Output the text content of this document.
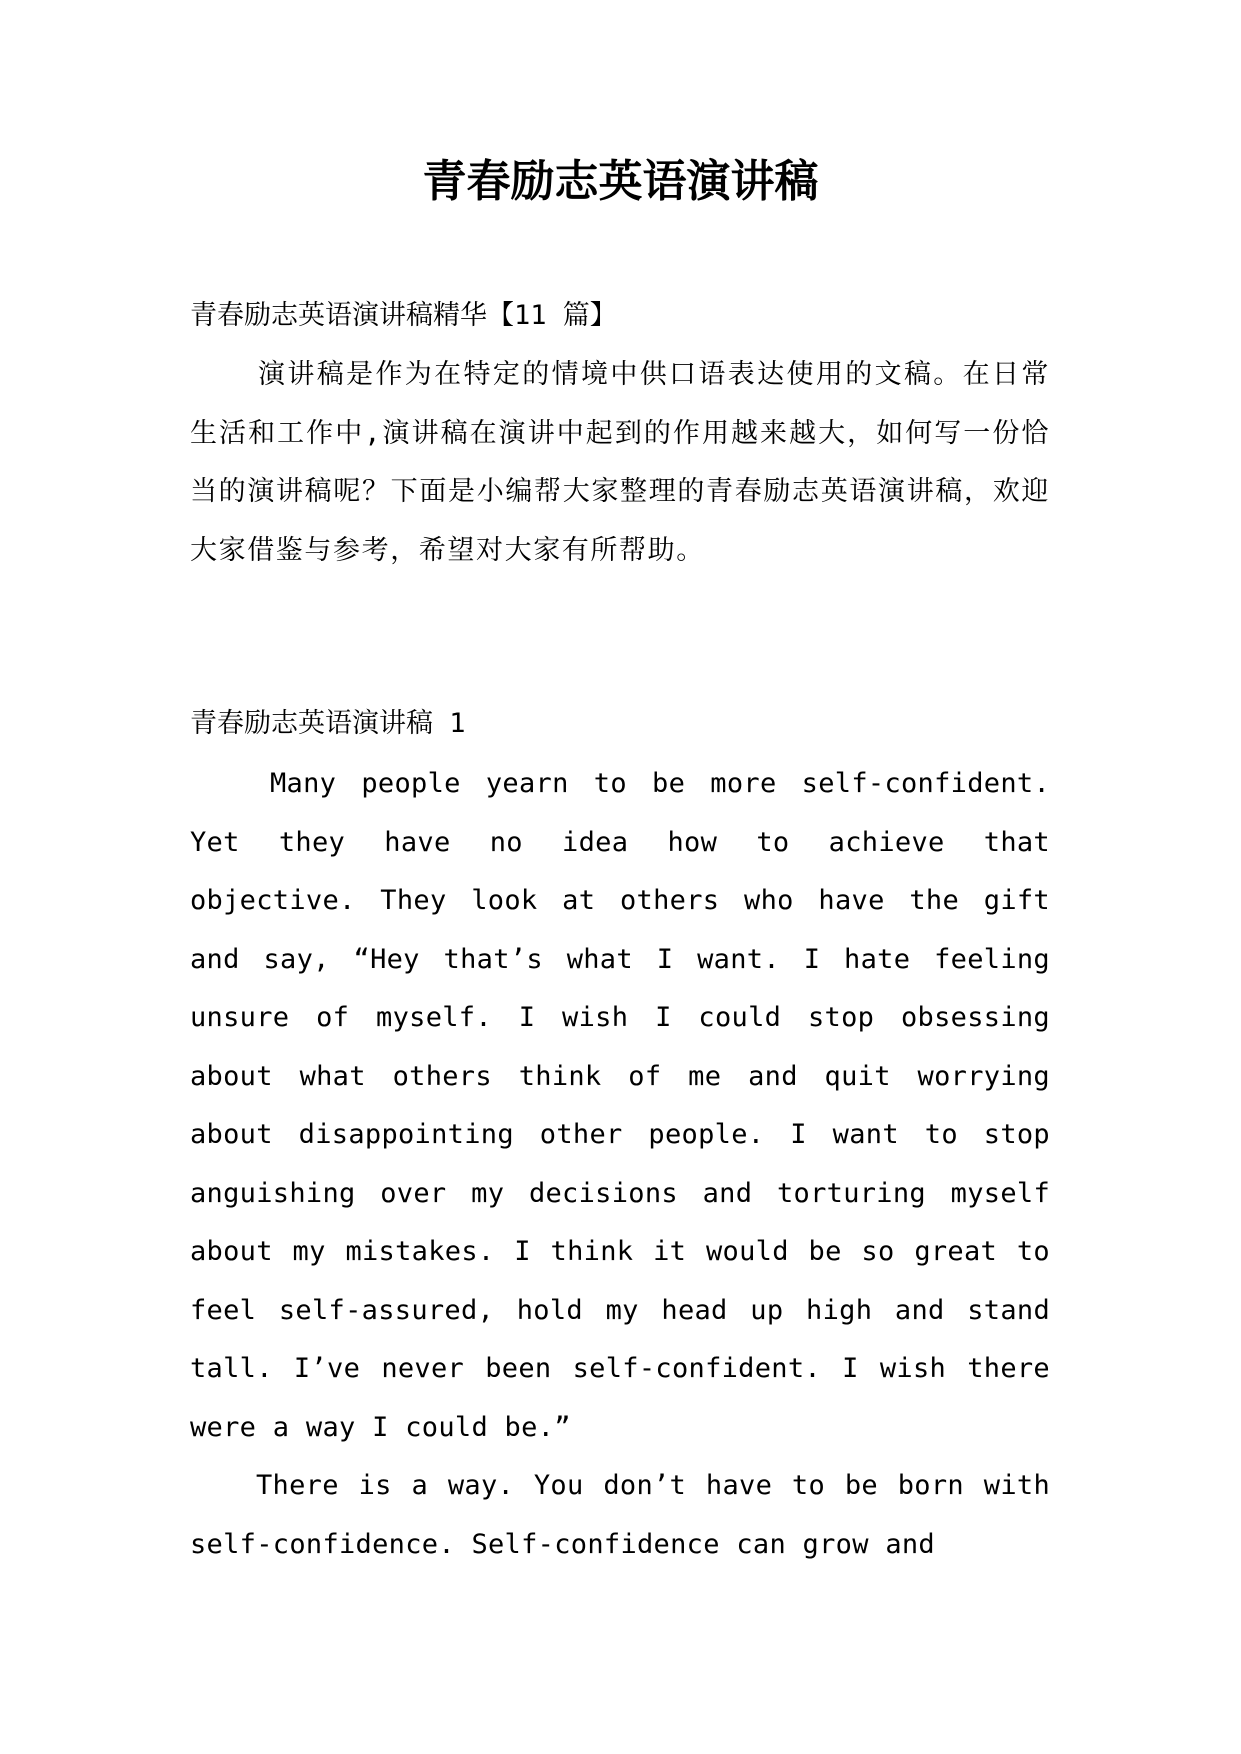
青春励志英语演讲稿

青春励志英语演讲稿精华【11 篇】

演讲稿是作为在特定的情境中供口语表达使用的文稿。在日常生活和工作中,演讲稿在演讲中起到的作用越来越大，如何写一份恰当的演讲稿呢？下面是小编帮大家整理的青春励志英语演讲稿，欢迎大家借鉴与参考，希望对大家有所帮助。

青春励志英语演讲稿 1

Many people yearn to be more self-confident. Yet they have no idea how to achieve that objective. They look at others who have the gift and say, “Hey that’s what I want. I hate feeling unsure of myself. I wish I could stop obsessing about what others think of me and quit worrying about disappointing other people. I want to stop anguishing over my decisions and torturing myself about my mistakes. I think it would be so great to feel self-assured, hold my head up high and stand tall. I’ve never been self-confident. I wish there were a way I could be.”

There is a way. You don’t have to be born with self-confidence. Self-confidence can grow and
